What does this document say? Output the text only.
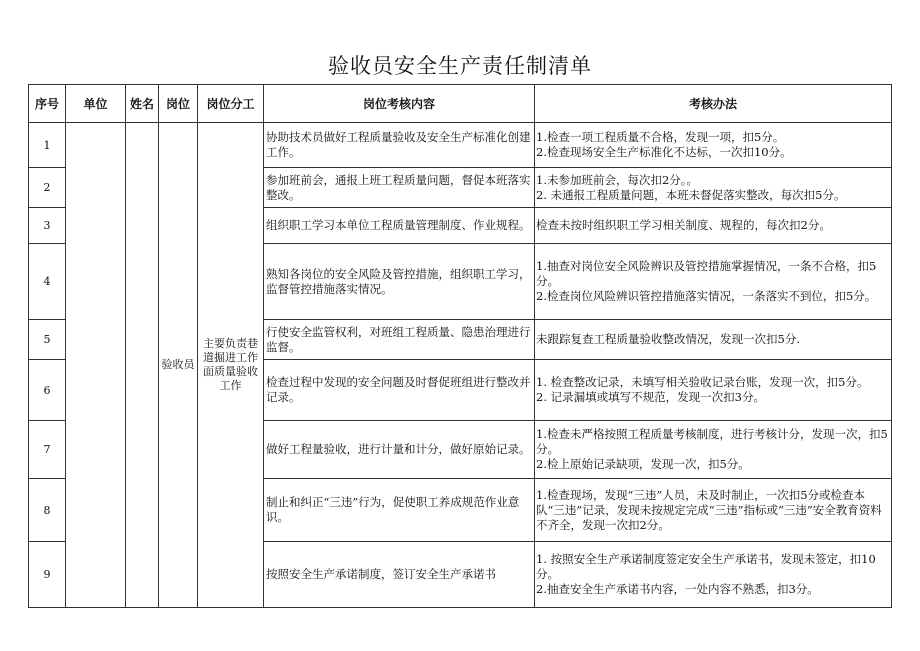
验收员安全生产责任制清单
序号	单位	姓名	岗位	岗位分工	岗位考核内容	考核办法
1			验收员	主要负责巷道掘进工作面质量验收工作	协助技术员做好工程质量验收及安全生产标准化创建工作。	1.检查一项工程质量不合格，发现一项，扣5分。
2.检查现场安全生产标准化不达标，一次扣10分。

2					参加班前会，通报上班工程质量问题，督促本班落实整改。	1.未参加班前会，每次扣2分。。
2. 未通报工程质量问题，本班未督促落实整改，每次扣5分。

3					组织职工学习本单位工程质量管理制度、作业规程。	检查未按时组织职工学习相关制度、规程的，每次扣2分。

4					熟知各岗位的安全风险及管控措施，组织职工学习，监督管控措施落实情况。	1.抽查对岗位安全风险辨识及管控措施掌握情况，一条不合格，扣5分。
2.检查岗位风险辨识管控措施落实情况，一条落实不到位，扣5分。

5					行使安全监管权利，对班组工程质量、隐患治理进行监督。	未跟踪复查工程质量验收整改情况，发现一次扣5分.

6					检查过程中发现的安全问题及时督促班组进行整改并记录。	1. 检查整改记录，未填写相关验收记录台账，发现一次，扣5分。
2. 记录漏填或填写不规范，发现一次扣3分。

7					做好工程量验收，进行计量和计分，做好原始记录。	1.检查未严格按照工程质量考核制度，进行考核计分，发现一次，扣5分。
2.检上原始记录缺项，发现一次，扣5分。

8					制止和纠正“三违”行为，促使职工养成规范作业意识。	1.检查现场，发现“三违”人员，未及时制止，一次扣5分或检查本队“三违”记录，发现未按规定完成“三违”指标或“三违”安全教育资料不齐全，发现一次扣2分。

9					按照安全生产承诺制度，签订安全生产承诺书	1. 按照安全生产承诺制度签定安全生产承诺书，发现未签定，扣10分。
2.抽查安全生产承诺书内容，一处内容不熟悉，扣3分。
